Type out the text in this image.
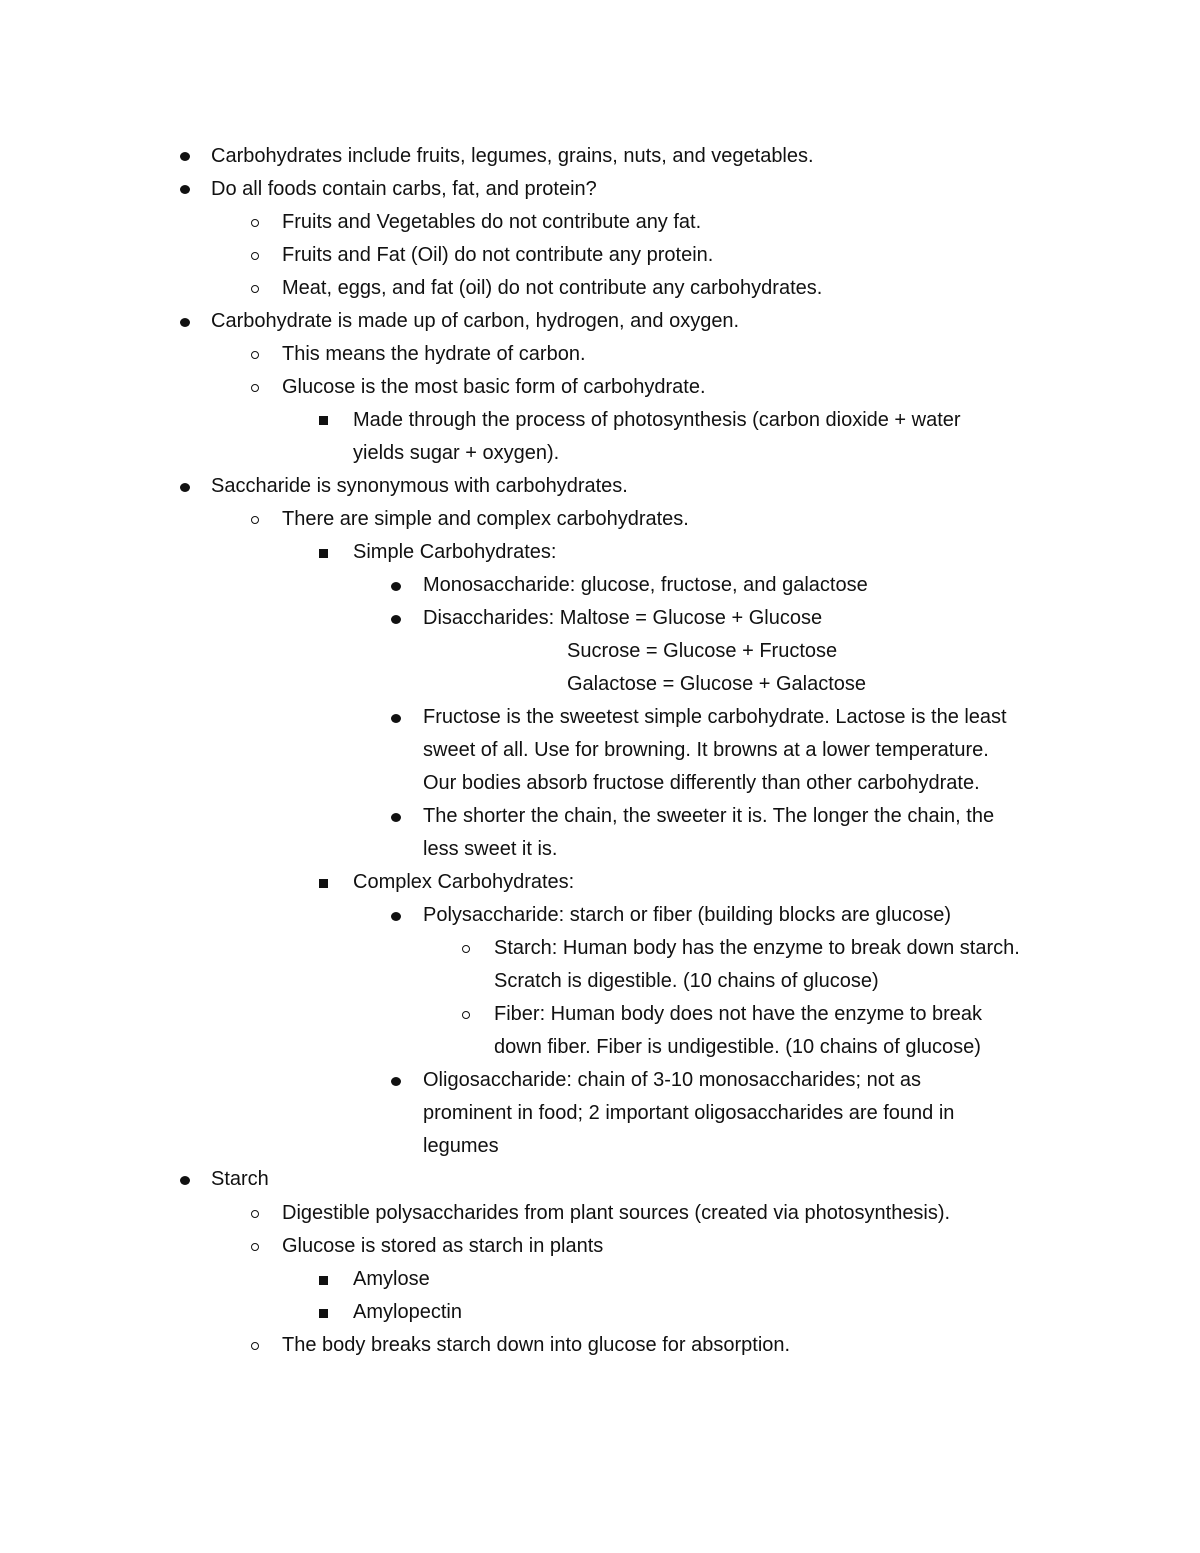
Carbohydrates include fruits, legumes, grains, nuts, and vegetables.
Do all foods contain carbs, fat, and protein?
Fruits and Vegetables do not contribute any fat.
Fruits and Fat (Oil) do not contribute any protein.
Meat, eggs, and fat (oil) do not contribute any carbohydrates.
Carbohydrate is made up of carbon, hydrogen, and oxygen.
This means the hydrate of carbon.
Glucose is the most basic form of carbohydrate.
Made through the process of photosynthesis (carbon dioxide + water
yields sugar + oxygen).
Saccharide is synonymous with carbohydrates.
There are simple and complex carbohydrates.
Simple Carbohydrates:
Monosaccharide: glucose, fructose, and galactose
Disaccharides: Maltose = Glucose + Glucose
Sucrose = Glucose + Fructose
Galactose = Glucose + Galactose
Fructose is the sweetest simple carbohydrate. Lactose is the least
sweet of all. Use for browning. It browns at a lower temperature.
Our bodies absorb fructose differently than other carbohydrate.
The shorter the chain, the sweeter it is. The longer the chain, the
less sweet it is.
Complex Carbohydrates:
Polysaccharide: starch or fiber (building blocks are glucose)
Starch: Human body has the enzyme to break down starch.
Scratch is digestible. (10 chains of glucose)
Fiber: Human body does not have the enzyme to break
down fiber. Fiber is undigestible. (10 chains of glucose)
Oligosaccharide: chain of 3-10 monosaccharides; not as
prominent in food; 2 important oligosaccharides are found in
legumes
Starch
Digestible polysaccharides from plant sources (created via photosynthesis).
Glucose is stored as starch in plants
Amylose
Amylopectin
The body breaks starch down into glucose for absorption.
